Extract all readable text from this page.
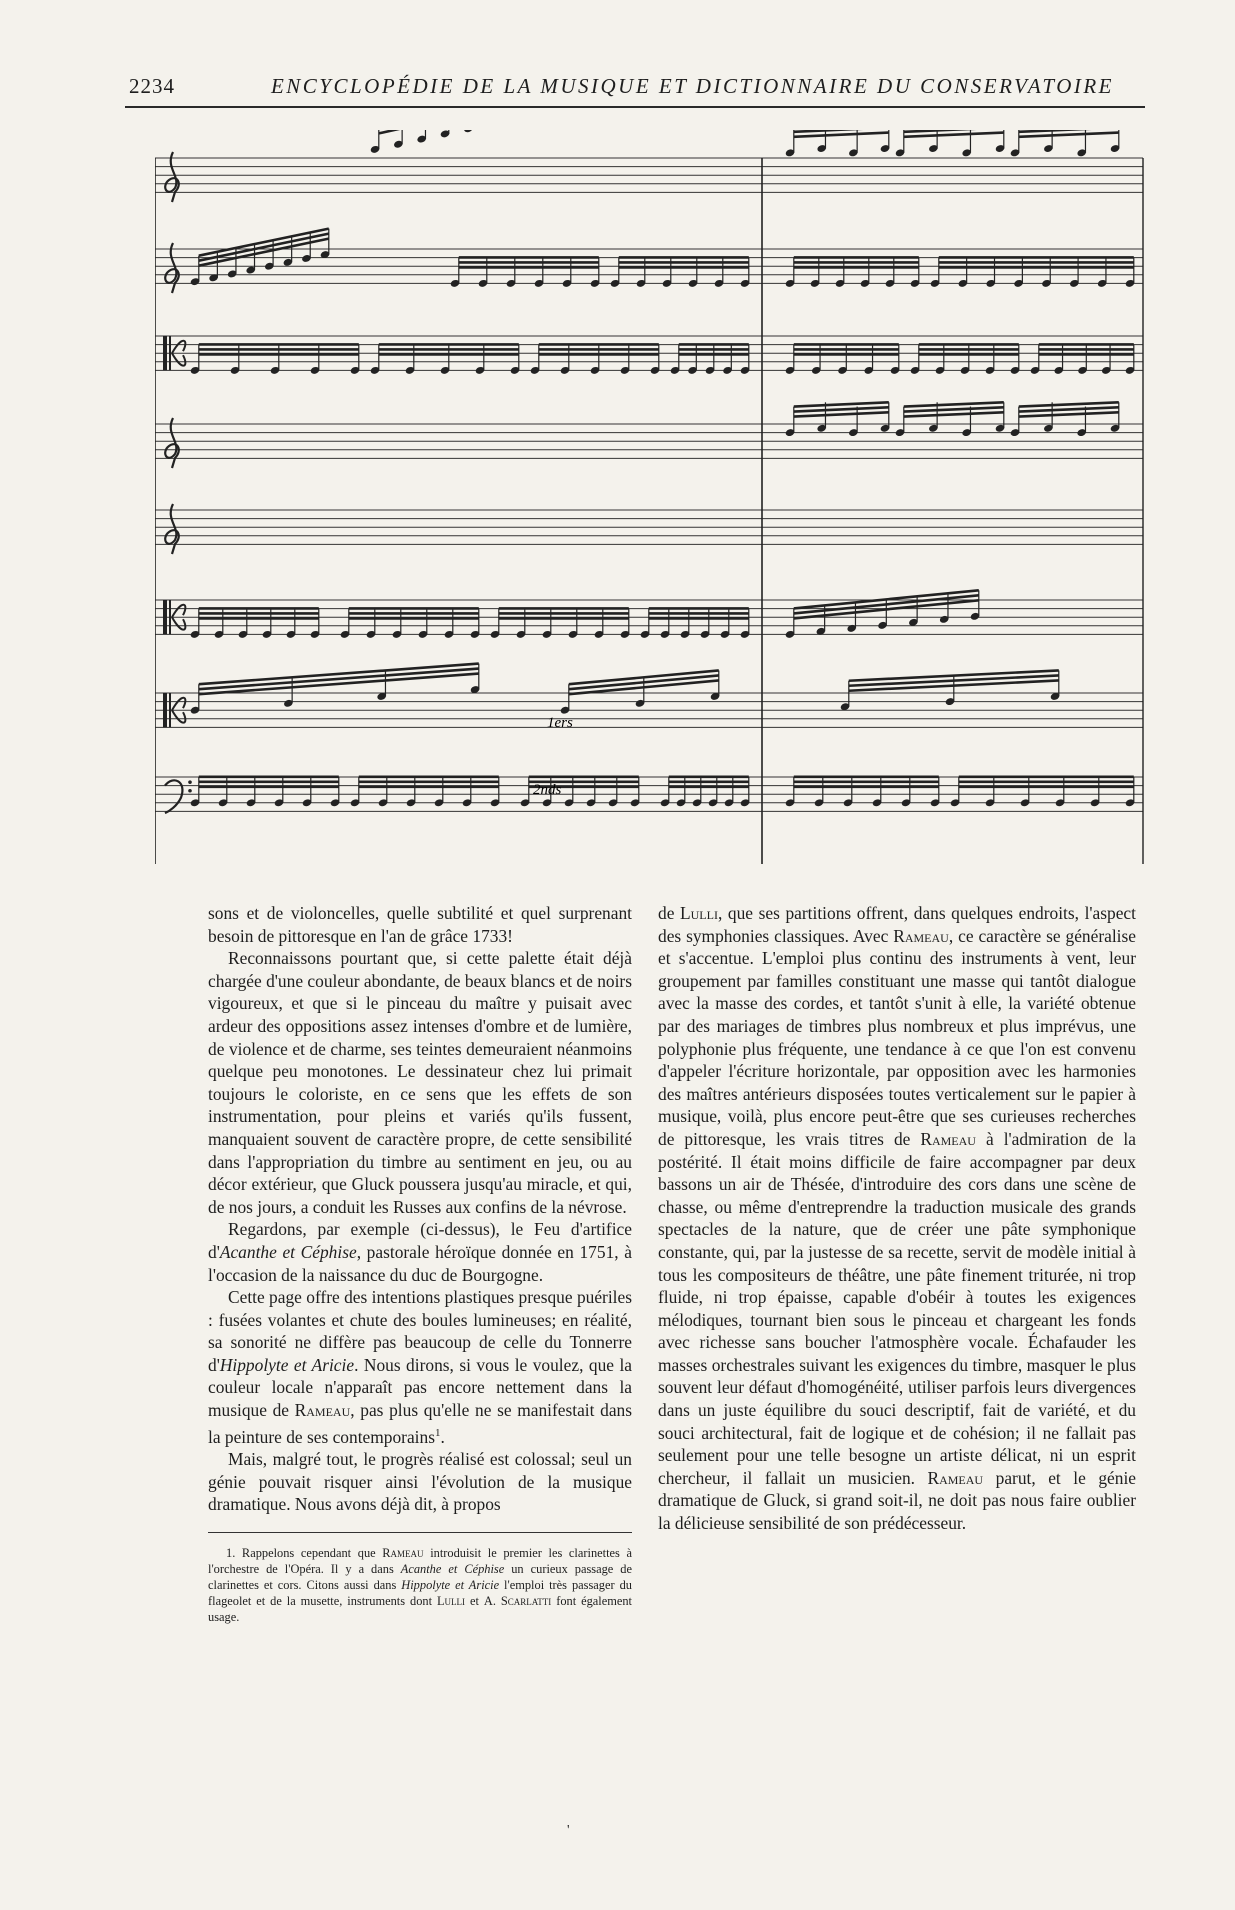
2234	ENCYCLOPÉDIE DE LA MUSIQUE ET DICTIONNAIRE DU CONSERVATOIRE
1ers
2nds

sons et de violoncelles, quelle subtilité et quel surprenant besoin de pittoresque en l'an de grâce 1733!

Reconnaissons pourtant que, si cette palette était déjà chargée d'une couleur abondante, de beaux blancs et de noirs vigoureux, et que si le pinceau du maître y puisait avec ardeur des oppositions assez intenses d'ombre et de lumière, de violence et de charme, ses teintes demeuraient néanmoins quelque peu monotones. Le dessinateur chez lui primait toujours le coloriste, en ce sens que les effets de son instrumentation, pour pleins et variés qu'ils fussent, manquaient souvent de caractère propre, de cette sensibilité dans l'appropriation du timbre au sentiment en jeu, ou au décor extérieur, que Gluck poussera jusqu'au miracle, et qui, de nos jours, a conduit les Russes aux confins de la névrose.

Regardons, par exemple (ci-dessus), le Feu d'artifice d'Acanthe et Céphise, pastorale héroïque donnée en 1751, à l'occasion de la naissance du duc de Bourgogne.

Cette page offre des intentions plastiques presque puériles : fusées volantes et chute des boules lumineuses; en réalité, sa sonorité ne diffère pas beaucoup de celle du Tonnerre d'Hippolyte et Aricie. Nous dirons, si vous le voulez, que la couleur locale n'apparaît pas encore nettement dans la musique de Rameau, pas plus qu'elle ne se manifestait dans la peinture de ses contemporains$^1$.

Mais, malgré tout, le progrès réalisé est colossal; seul un génie pouvait risquer ainsi l'évolution de la musique dramatique. Nous avons déjà dit, à propos

1. Rappelons cependant que Rameau introduisit le premier les clarinettes à l'orchestre de l'Opéra. Il y a dans Acanthe et Céphise un curieux passage de clarinettes et cors. Citons aussi dans Hippolyte et Aricie l'emploi très passager du flageolet et de la musette, instruments dont Lulli et A. Scarlatti font également usage.

de Lulli, que ses partitions offrent, dans quelques endroits, l'aspect des symphonies classiques. Avec Rameau, ce caractère se généralise et s'accentue. L'emploi plus continu des instruments à vent, leur groupement par familles constituant une masse qui tantôt dialogue avec la masse des cordes, et tantôt s'unit à elle, la variété obtenue par des mariages de timbres plus nombreux et plus imprévus, une polyphonie plus fréquente, une tendance à ce que l'on est convenu d'appeler l'écriture horizontale, par opposition avec les harmonies des maîtres antérieurs disposées toutes verticalement sur le papier à musique, voilà, plus encore peut-être que ses curieuses recherches de pittoresque, les vrais titres de Rameau à l'admiration de la postérité. Il était moins difficile de faire accompagner par deux bassons un air de Thésée, d'introduire des cors dans une scène de chasse, ou même d'entreprendre la traduction musicale des grands spectacles de la nature, que de créer une pâte symphonique constante, qui, par la justesse de sa recette, servit de modèle initial à tous les compositeurs de théâtre, une pâte finement triturée, ni trop fluide, ni trop épaisse, capable d'obéir à toutes les exigences mélodiques, tournant bien sous le pinceau et chargeant les fonds avec richesse sans boucher l'atmosphère vocale. Échafauder les masses orchestrales suivant les exigences du timbre, masquer le plus souvent leur défaut d'homogénéité, utiliser parfois leurs divergences dans un juste équilibre du souci descriptif, fait de variété, et du souci architectural, fait de logique et de cohésion; il ne fallait pas seulement pour une telle besogne un artiste délicat, ni un esprit chercheur, il fallait un musicien. Rameau parut, et le génie dramatique de Gluck, si grand soit-il, ne doit pas nous faire oublier la délicieuse sensibilité de son prédécesseur.

'
